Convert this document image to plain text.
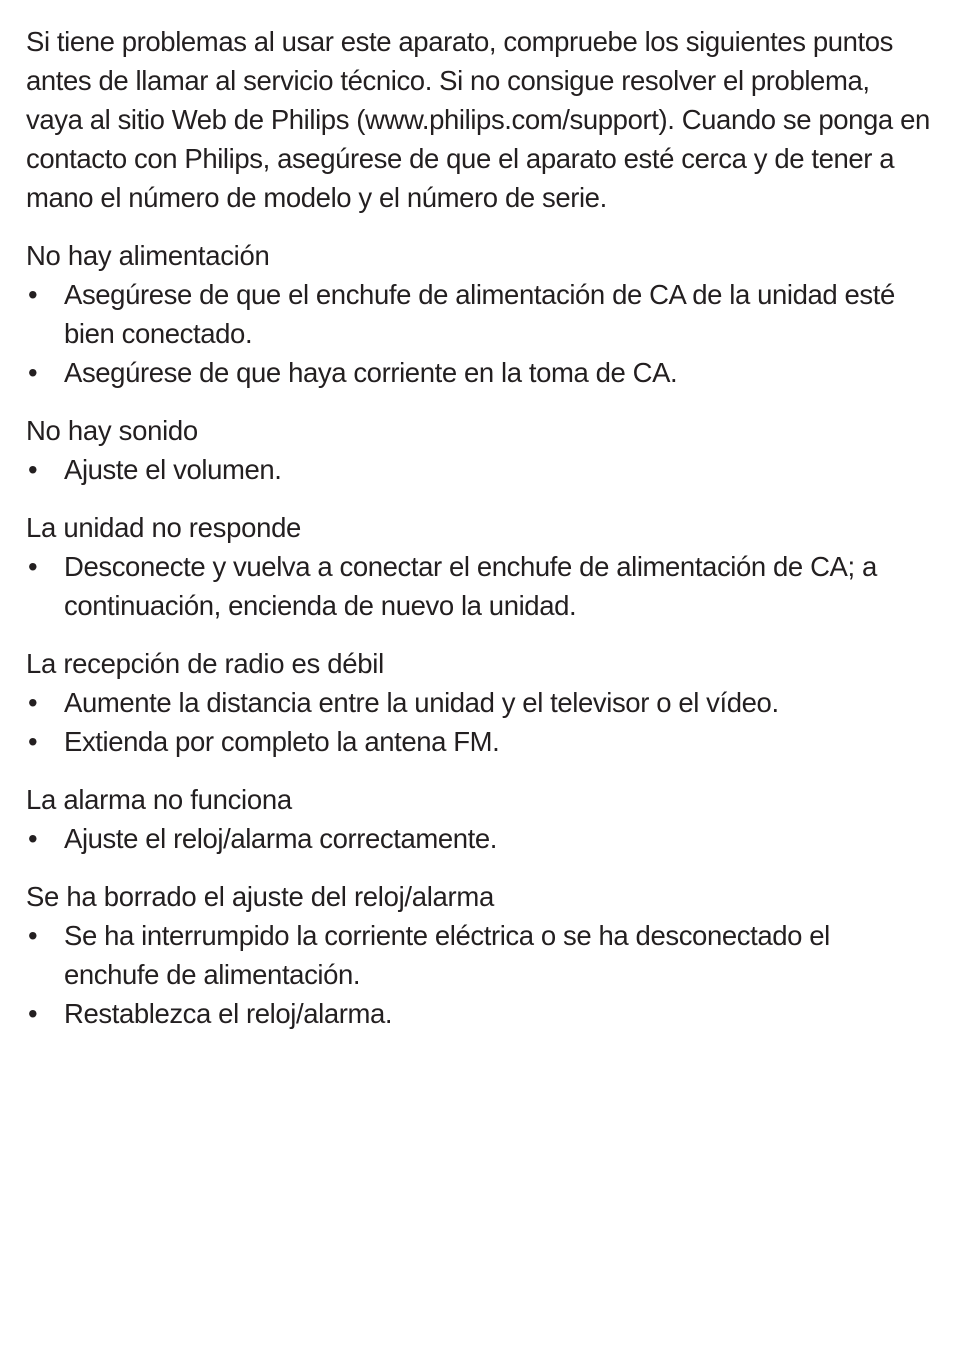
Si tiene problemas al usar este aparato, compruebe los siguientes puntos antes de llamar al servicio técnico. Si no consigue resolver el problema, vaya al sitio Web de Philips (www.philips.com/support). Cuando se ponga en contacto con Philips, asegúrese de que el aparato esté cerca y de tener a mano el número de modelo y el número de serie.

No hay alimentación
• Asegúrese de que el enchufe de alimentación de CA de la unidad esté bien conectado.
• Asegúrese de que haya corriente en la toma de CA.
No hay sonido
• Ajuste el volumen.
La unidad no responde
• Desconecte y vuelva a conectar el enchufe de alimentación de CA; a continuación, encienda de nuevo la unidad.
La recepción de radio es débil
• Aumente la distancia entre la unidad y el televisor o el vídeo.
• Extienda por completo la antena FM.
La alarma no funciona
• Ajuste el reloj/alarma correctamente.
Se ha borrado el ajuste del reloj/alarma
• Se ha interrumpido la corriente eléctrica o se ha desconectado el enchufe de alimentación.
• Restablezca el reloj/alarma.
